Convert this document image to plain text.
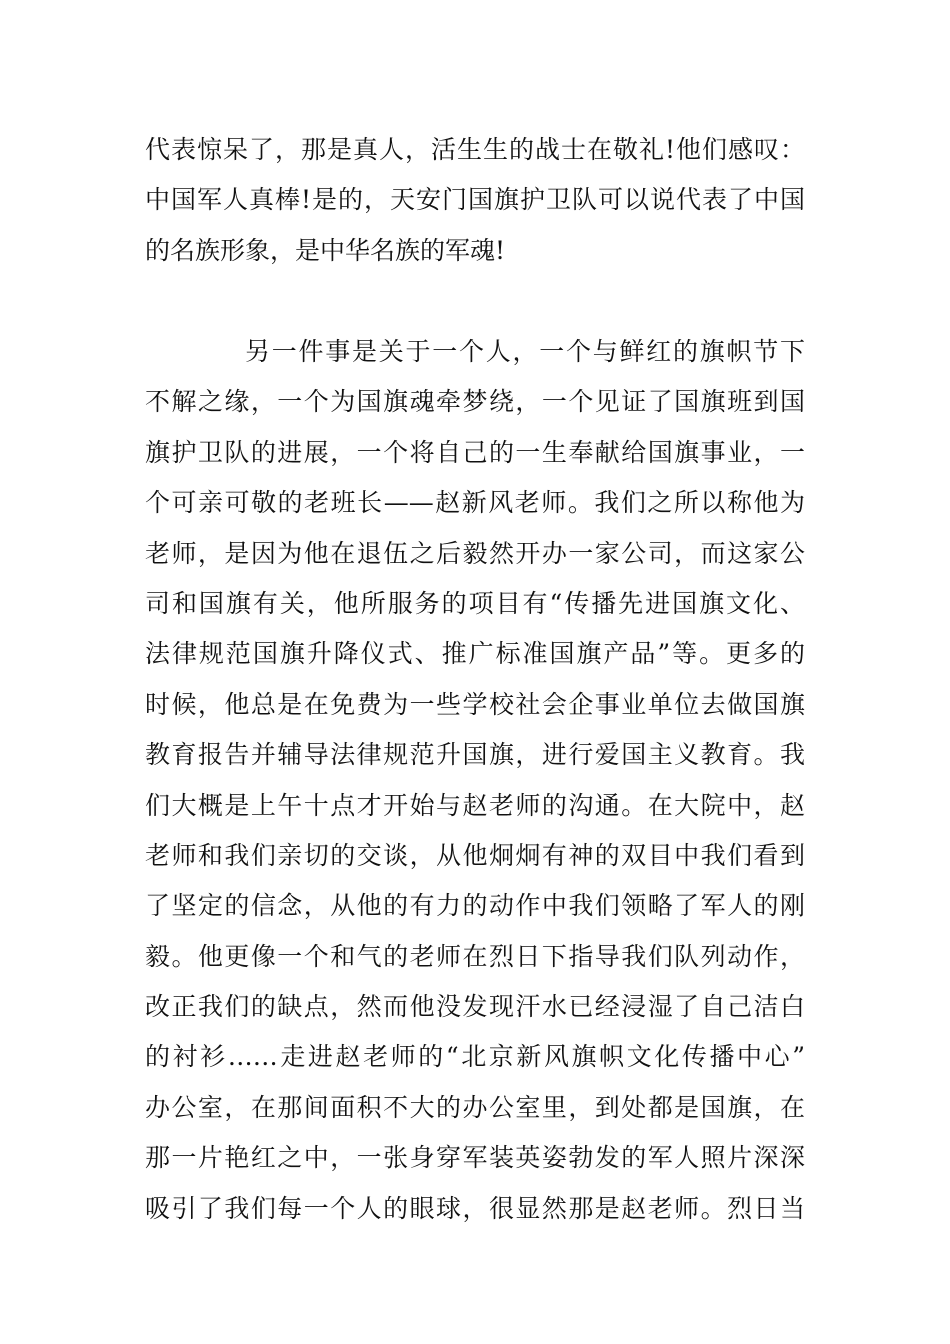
代表惊呆了，那是真人，活生生的战士在敬礼!他们感叹：
中国军人真棒!是的，天安门国旗护卫队可以说代表了中国
的名族形象，是中华名族的军魂!
另一件事是关于一个人，一个与鲜红的旗帜节下
不解之缘，一个为国旗魂牵梦绕，一个见证了国旗班到国
旗护卫队的进展，一个将自己的一生奉献给国旗事业，一
个可亲可敬的老班长——赵新风老师。我们之所以称他为
老师，是因为他在退伍之后毅然开办一家公司，而这家公
司和国旗有关，他所服务的项目有“传播先进国旗文化、
法律规范国旗升降仪式、推广标准国旗产品”等。更多的
时候，他总是在免费为一些学校社会企事业单位去做国旗
教育报告并辅导法律规范升国旗，进行爱国主义教育。我
们大概是上午十点才开始与赵老师的沟通。在大院中，赵
老师和我们亲切的交谈，从他炯炯有神的双目中我们看到
了坚定的信念，从他的有力的动作中我们领略了军人的刚
毅。他更像一个和气的老师在烈日下指导我们队列动作，
改正我们的缺点，然而他没发现汗水已经浸湿了自己洁白
的衬衫……走进赵老师的“北京新风旗帜文化传播中心”
办公室，在那间面积不大的办公室里，到处都是国旗，在
那一片艳红之中，一张身穿军装英姿勃发的军人照片深深
吸引了我们每一个人的眼球，很显然那是赵老师。烈日当
